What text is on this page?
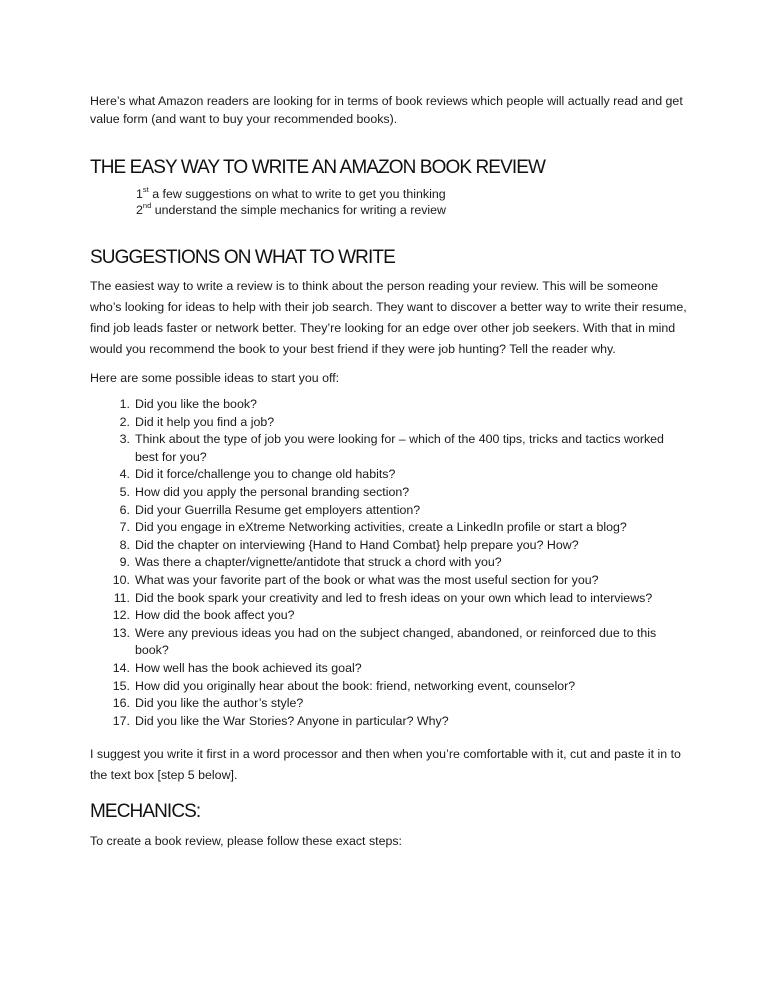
Here’s what Amazon readers are looking for in terms of book reviews which people will actually read and get value form (and want to buy your recommended books).

THE EASY WAY TO WRITE AN AMAZON BOOK REVIEW
1st a few suggestions on what to write to get you thinking
2nd understand the simple mechanics for writing a review
SUGGESTIONS ON WHAT TO WRITE

The easiest way to write a review is to think about the person reading your review. This will be someone who’s looking for ideas to help with their job search. They want to discover a better way to write their resume, find job leads faster or network better. They’re looking for an edge over other job seekers. With that in mind would you recommend the book to your best friend if they were job hunting? Tell the reader why.

Here are some possible ideas to start you off:

1. Did you like the book?
2. Did it help you find a job?
3. Think about the type of job you were looking for – which of the 400 tips, tricks and tactics worked best for you?
4. Did it force/challenge you to change old habits?
5. How did you apply the personal branding section?
6. Did your Guerrilla Resume get employers attention?
7. Did you engage in eXtreme Networking activities, create a LinkedIn profile or start a blog?
8. Did the chapter on interviewing {Hand to Hand Combat} help prepare you? How?
9. Was there a chapter/vignette/antidote that struck a chord with you?
10. What was your favorite part of the book or what was the most useful section for you?
11. Did the book spark your creativity and led to fresh ideas on your own which lead to interviews?
12. How did the book affect you?
13. Were any previous ideas you had on the subject changed, abandoned, or reinforced due to this book?
14. How well has the book achieved its goal?
15. How did you originally hear about the book: friend, networking event, counselor?
16. Did you like the author’s style?
17. Did you like the War Stories? Anyone in particular? Why?

I suggest you write it first in a word processor and then when you’re comfortable with it, cut and paste it in to the text box [step 5 below].

MECHANICS:

To create a book review, please follow these exact steps:
